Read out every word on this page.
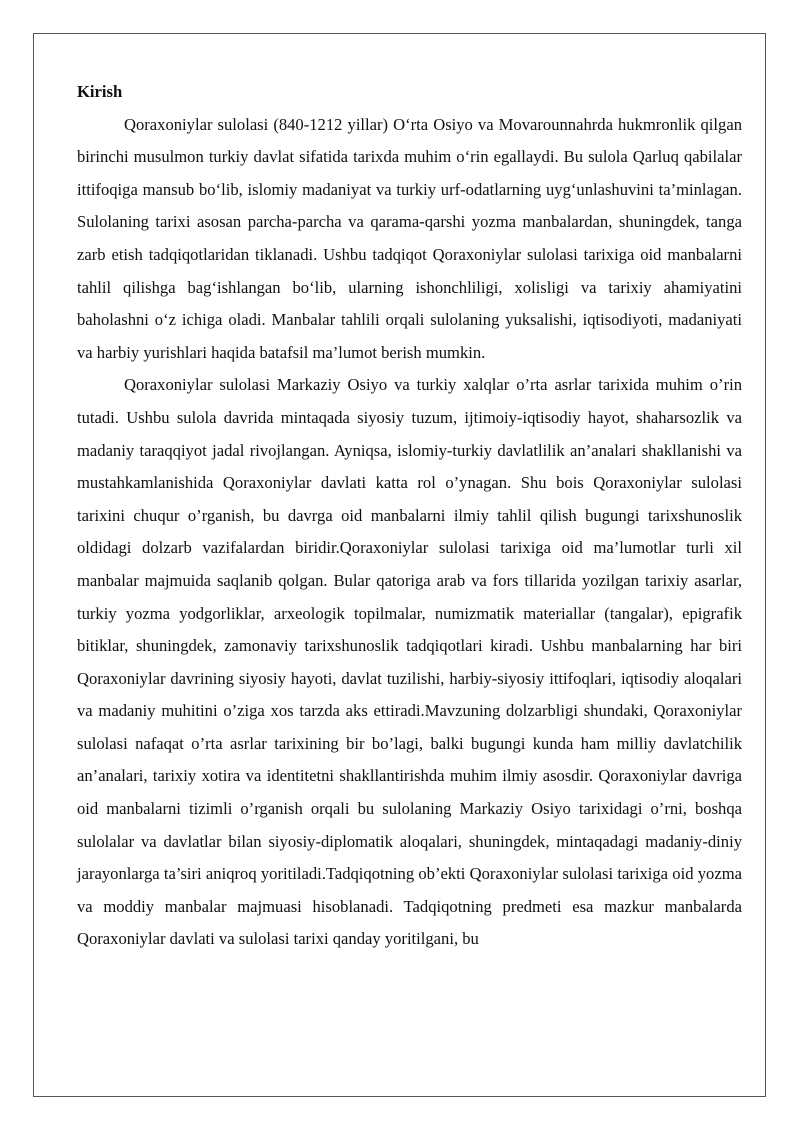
Kirish

Qoraxoniylar sulolasi (840-1212 yillar) O‘rta Osiyo va Movarounnahrda hukmronlik qilgan birinchi musulmon turkiy davlat sifatida tarixda muhim o‘rin egallaydi. Bu sulola Qarluq qabilalar ittifoqiga mansub bo‘lib, islomiy madaniyat va turkiy urf-odatlarning uyg‘unlashuvini ta’minlagan. Sulolaning tarixi asosan parcha-parcha va qarama-qarshi yozma manbalardan, shuningdek, tanga zarb etish tadqiqotlaridan tiklanadi. Ushbu tadqiqot Qoraxoniylar sulolasi tarixiga oid manbalarni tahlil qilishga bag‘ishlangan bo‘lib, ularning ishonchliligi, xolisligi va tarixiy ahamiyatini baholashni o‘z ichiga oladi. Manbalar tahlili orqali sulolaning yuksalishi, iqtisodiyoti, madaniyati va harbiy yurishlari haqida batafsil ma’lumot berish mumkin.

Qoraxoniylar sulolasi Markaziy Osiyo va turkiy xalqlar o’rta asrlar tarixida muhim o’rin tutadi. Ushbu sulola davrida mintaqada siyosiy tuzum, ijtimoiy-iqtisodiy hayot, shaharsozlik va madaniy taraqqiyot jadal rivojlangan. Ayniqsa, islomiy-turkiy davlatlilik an’analari shakllanishi va mustahkamlanishida Qoraxoniylar davlati katta rol o’ynagan. Shu bois Qoraxoniylar sulolasi tarixini chuqur o’rganish, bu davrga oid manbalarni ilmiy tahlil qilish bugungi tarixshunoslik oldidagi dolzarb vazifalardan biridir.Qoraxoniylar sulolasi tarixiga oid ma’lumotlar turli xil manbalar majmuida saqlanib qolgan. Bular qatoriga arab va fors tillarida yozilgan tarixiy asarlar, turkiy yozma yodgorliklar, arxeologik topilmalar, numizmatik materiallar (tangalar), epigrafik bitiklar, shuningdek, zamonaviy tarixshunoslik tadqiqotlari kiradi. Ushbu manbalarning har biri Qoraxoniylar davrining siyosiy hayoti, davlat tuzilishi, harbiy-siyosiy ittifoqlari, iqtisodiy aloqalari va madaniy muhitini o’ziga xos tarzda aks ettiradi.Mavzuning dolzarbligi shundaki, Qoraxoniylar sulolasi nafaqat o’rta asrlar tarixining bir bo’lagi, balki bugungi kunda ham milliy davlatchilik an’analari, tarixiy xotira va identitetni shakllantirishda muhim ilmiy asosdir. Qoraxoniylar davriga oid manbalarni tizimli o’rganish orqali bu sulolaning Markaziy Osiyo tarixidagi o’rni, boshqa sulolalar va davlatlar bilan siyosiy-diplomatik aloqalari, shuningdek, mintaqadagi madaniy-diniy jarayonlarga ta’siri aniqroq yoritiladi.Tadqiqotning ob’ekti Qoraxoniylar sulolasi tarixiga oid yozma va moddiy manbalar majmuasi hisoblanadi. Tadqiqotning predmeti esa mazkur manbalarda Qoraxoniylar davlati va sulolasi tarixi qanday yoritilgani, bu
